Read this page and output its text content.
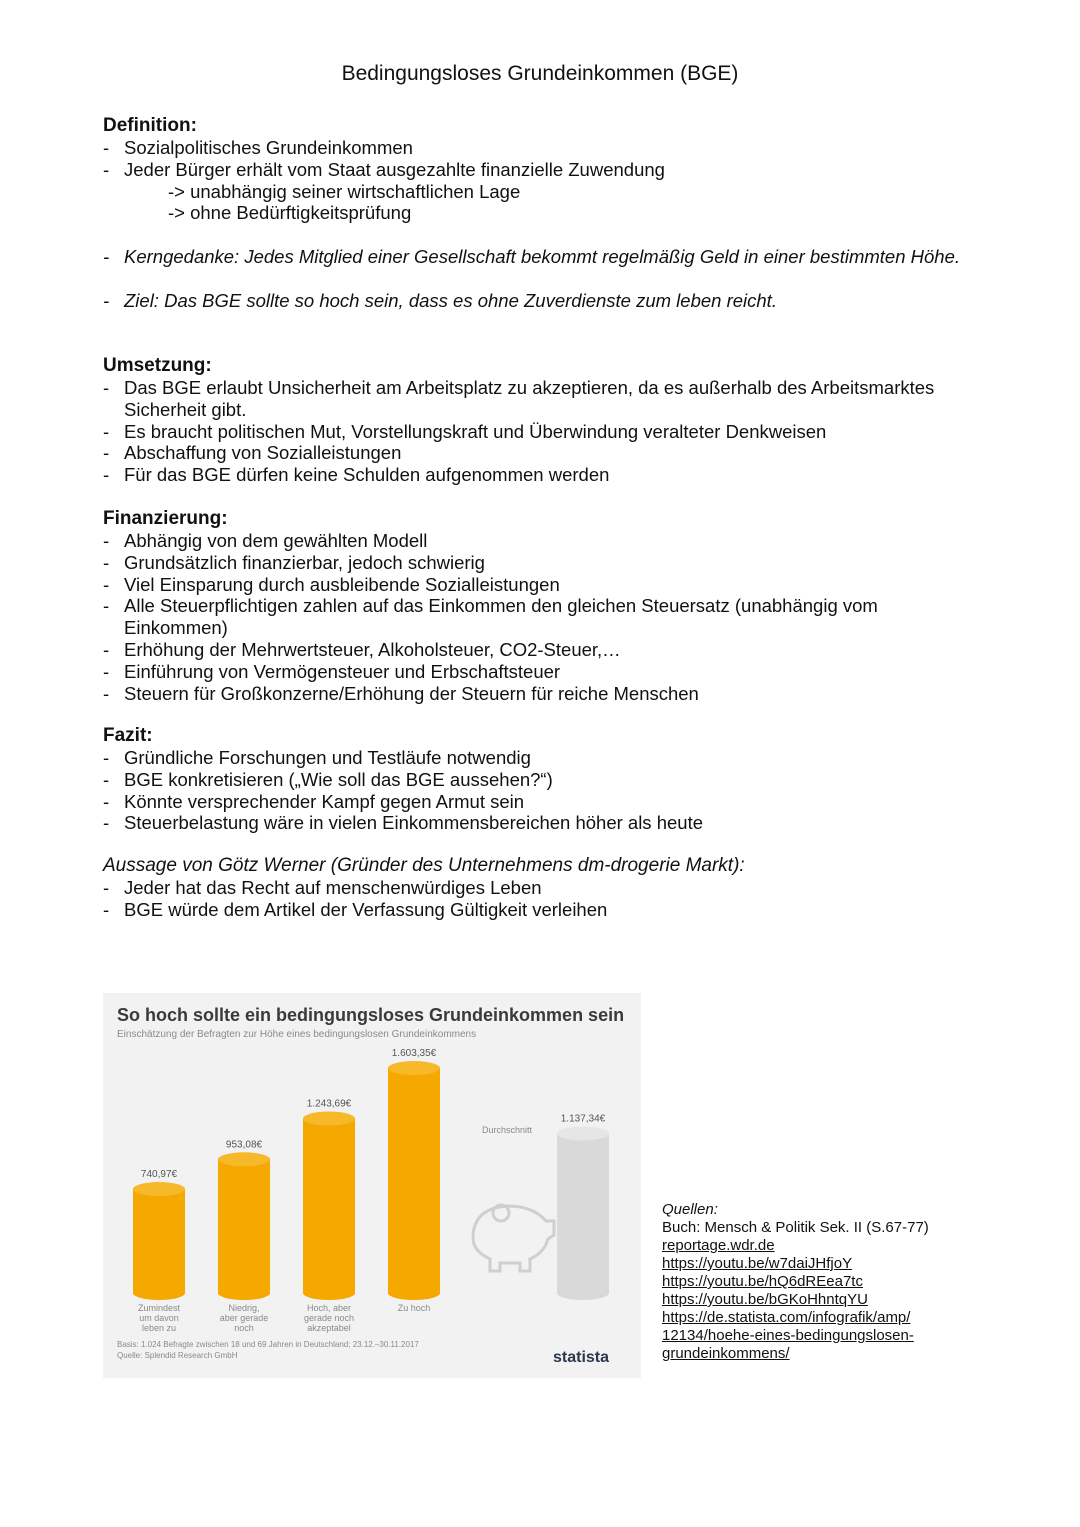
Bedingungsloses Grundeinkommen (BGE)
Definition:
- Sozialpolitisches Grundeinkommen
- Jeder Bürger erhält vom Staat ausgezahlte finanzielle Zuwendung
-> unabhängig seiner wirtschaftlichen Lage
-> ohne Bedürftigkeitsprüfung
- Kerngedanke: Jedes Mitglied einer Gesellschaft bekommt regelmäßig Geld in einer bestimmten Höhe.
- Ziel: Das BGE sollte so hoch sein, dass es ohne Zuverdienste zum leben reicht.
Umsetzung:
- Das BGE erlaubt Unsicherheit am Arbeitsplatz zu akzeptieren, da es außerhalb des Arbeitsmarktes Sicherheit gibt.
- Es braucht politischen Mut, Vorstellungskraft und Überwindung veralteter Denkweisen
- Abschaffung von Sozialleistungen
- Für das BGE dürfen keine Schulden aufgenommen werden
Finanzierung:
- Abhängig von dem gewählten Modell
- Grundsätzlich finanzierbar, jedoch schwierig
- Viel Einsparung durch ausbleibende Sozialleistungen
- Alle Steuerpflichtigen zahlen auf das Einkommen den gleichen Steuersatz (unabhängig vom Einkommen)
- Erhöhung der Mehrwertsteuer, Alkoholsteuer, CO2-Steuer,…
- Einführung von Vermögensteuer und Erbschaftsteuer
- Steuern für Großkonzerne/Erhöhung der Steuern für reiche Menschen
Fazit:
- Gründliche Forschungen und Testläufe notwendig
- BGE konkretisieren („Wie soll das BGE aussehen?“)
- Könnte versprechender Kampf gegen Armut sein
- Steuerbelastung wäre in vielen Einkommensbereichen höher als heute
Aussage von Götz Werner (Gründer des Unternehmens dm-drogerie Markt):
- Jeder hat das Recht auf menschenwürdiges Leben
- BGE würde dem Artikel der Verfassung Gültigkeit verleihen
So hoch sollte ein bedingungsloses Grundeinkommen sein
Einschätzung der Befragten zur Höhe eines bedingungslosen Grundeinkommens
740,97€
Zumindest
um davon
leben zu
953,08€
Niedrig,
aber gerade
noch
1.243,69€
Hoch, aber
gerade noch
akzeptabel
1.603,35€
Zu hoch
1.137,34€
Durchschnitt
Basis: 1.024 Befragte zwischen 18 und 69 Jahren in Deutschland; 23.12.–30.11.2017
Quelle: Splendid Research GmbH	statista
Quellen:
Buch: Mensch & Politik Sek. II (S.67-77)
reportage.wdr.de
https://youtu.be/w7daiJHfjoY
https://youtu.be/hQ6dREea7tc
https://youtu.be/bGKoHhntqYU
https://de.statista.com/infografik/amp/
12134/hoehe-eines-bedingungslosen-
grundeinkommens/
